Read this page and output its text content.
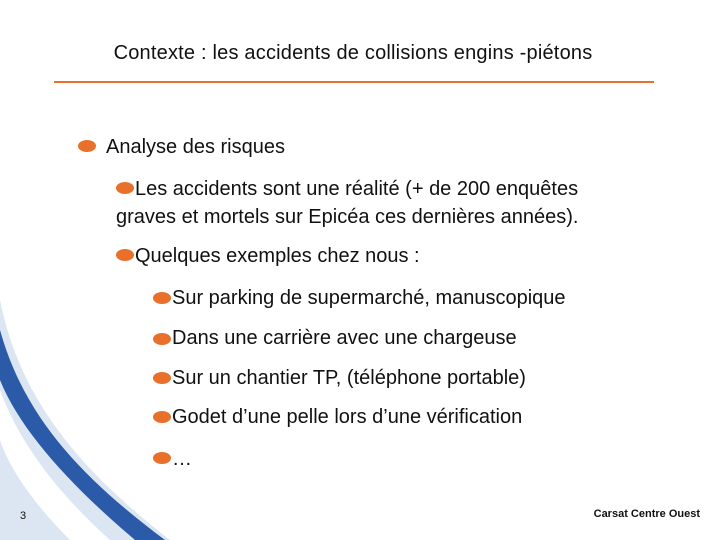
Contexte : les accidents de collisions engins -piétons
Analyse des risques
Les accidents sont une réalité (+ de 200 enquêtes
graves et mortels sur Epicéa ces dernières années).
Quelques exemples chez nous :
Sur parking de supermarché, manuscopique
Dans une carrière avec une chargeuse
Sur un chantier TP, (téléphone portable)
Godet d’une pelle lors d’une vérification
…
3	Carsat Centre Ouest
